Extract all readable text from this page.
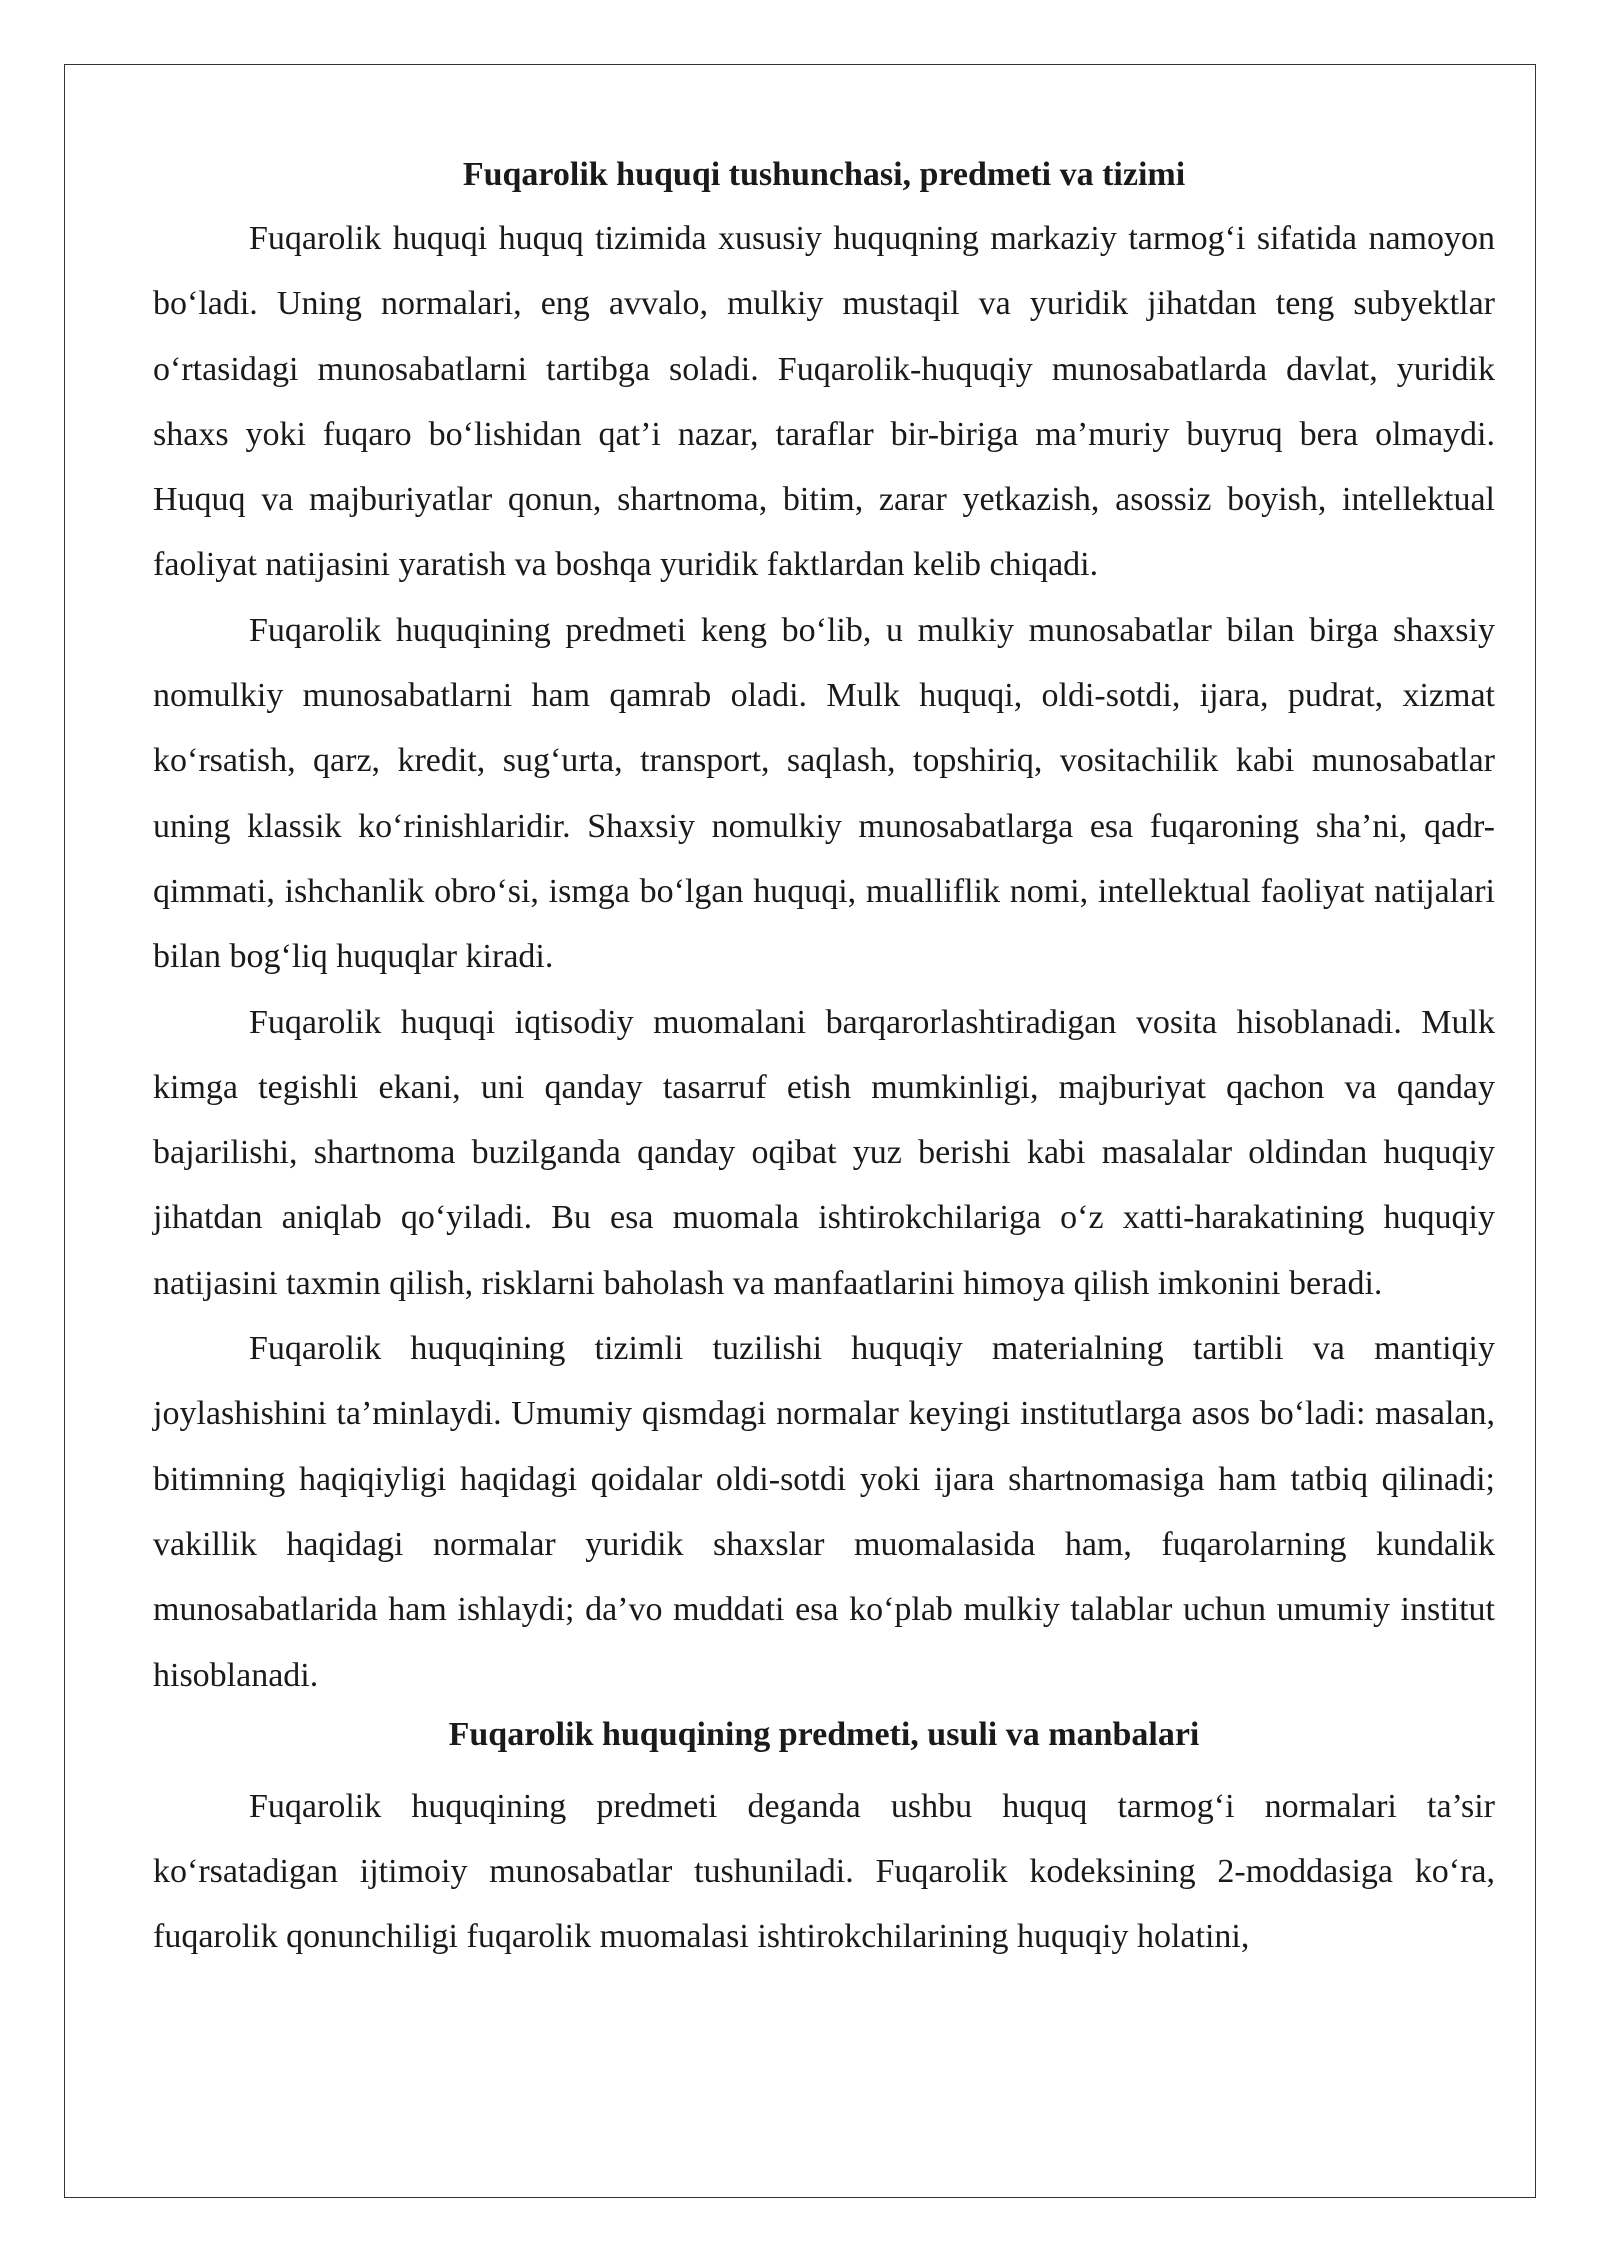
Fuqarolik huquqi tushunchasi, predmeti va tizimi

Fuqarolik huquqi huquq tizimida xususiy huquqning markaziy tarmog‘i sifatida namoyon bo‘ladi. Uning normalari, eng avvalo, mulkiy mustaqil va yuridik jihatdan teng subyektlar o‘rtasidagi munosabatlarni tartibga soladi. Fuqarolik-huquqiy munosabatlarda davlat, yuridik shaxs yoki fuqaro bo‘lishidan qat’i nazar, taraflar bir-biriga ma’muriy buyruq bera olmaydi. Huquq va majburiyatlar qonun, shartnoma, bitim, zarar yetkazish, asossiz boyish, intellektual faoliyat natijasini yaratish va boshqa yuridik faktlardan kelib chiqadi.

Fuqarolik huquqining predmeti keng bo‘lib, u mulkiy munosabatlar bilan birga shaxsiy nomulkiy munosabatlarni ham qamrab oladi. Mulk huquqi, oldi-sotdi, ijara, pudrat, xizmat ko‘rsatish, qarz, kredit, sug‘urta, transport, saqlash, topshiriq, vositachilik kabi munosabatlar uning klassik ko‘rinishlaridir. Shaxsiy nomulkiy munosabatlarga esa fuqaroning sha’ni, qadr-qimmati, ishchanlik obro‘si, ismga bo‘lgan huquqi, mualliflik nomi, intellektual faoliyat natijalari bilan bog‘liq huquqlar kiradi.

Fuqarolik huquqi iqtisodiy muomalani barqarorlashtiradigan vosita hisoblanadi. Mulk kimga tegishli ekani, uni qanday tasarruf etish mumkinligi, majburiyat qachon va qanday bajarilishi, shartnoma buzilganda qanday oqibat yuz berishi kabi masalalar oldindan huquqiy jihatdan aniqlab qo‘yiladi. Bu esa muomala ishtirokchilariga o‘z xatti-harakatining huquqiy natijasini taxmin qilish, risklarni baholash va manfaatlarini himoya qilish imkonini beradi.

Fuqarolik huquqining tizimli tuzilishi huquqiy materialning tartibli va mantiqiy joylashishini ta’minlaydi. Umumiy qismdagi normalar keyingi institutlarga asos bo‘ladi: masalan, bitimning haqiqiyligi haqidagi qoidalar oldi-sotdi yoki ijara shartnomasiga ham tatbiq qilinadi; vakillik haqidagi normalar yuridik shaxslar muomalasida ham, fuqarolarning kundalik munosabatlarida ham ishlaydi; da’vo muddati esa ko‘plab mulkiy talablar uchun umumiy institut hisoblanadi.

Fuqarolik huquqining predmeti, usuli va manbalari

Fuqarolik huquqining predmeti deganda ushbu huquq tarmog‘i normalari ta’sir ko‘rsatadigan ijtimoiy munosabatlar tushuniladi. Fuqarolik kodeksining 2-moddasiga ko‘ra, fuqarolik qonunchiligi fuqarolik muomalasi ishtirokchilarining huquqiy holatini,
